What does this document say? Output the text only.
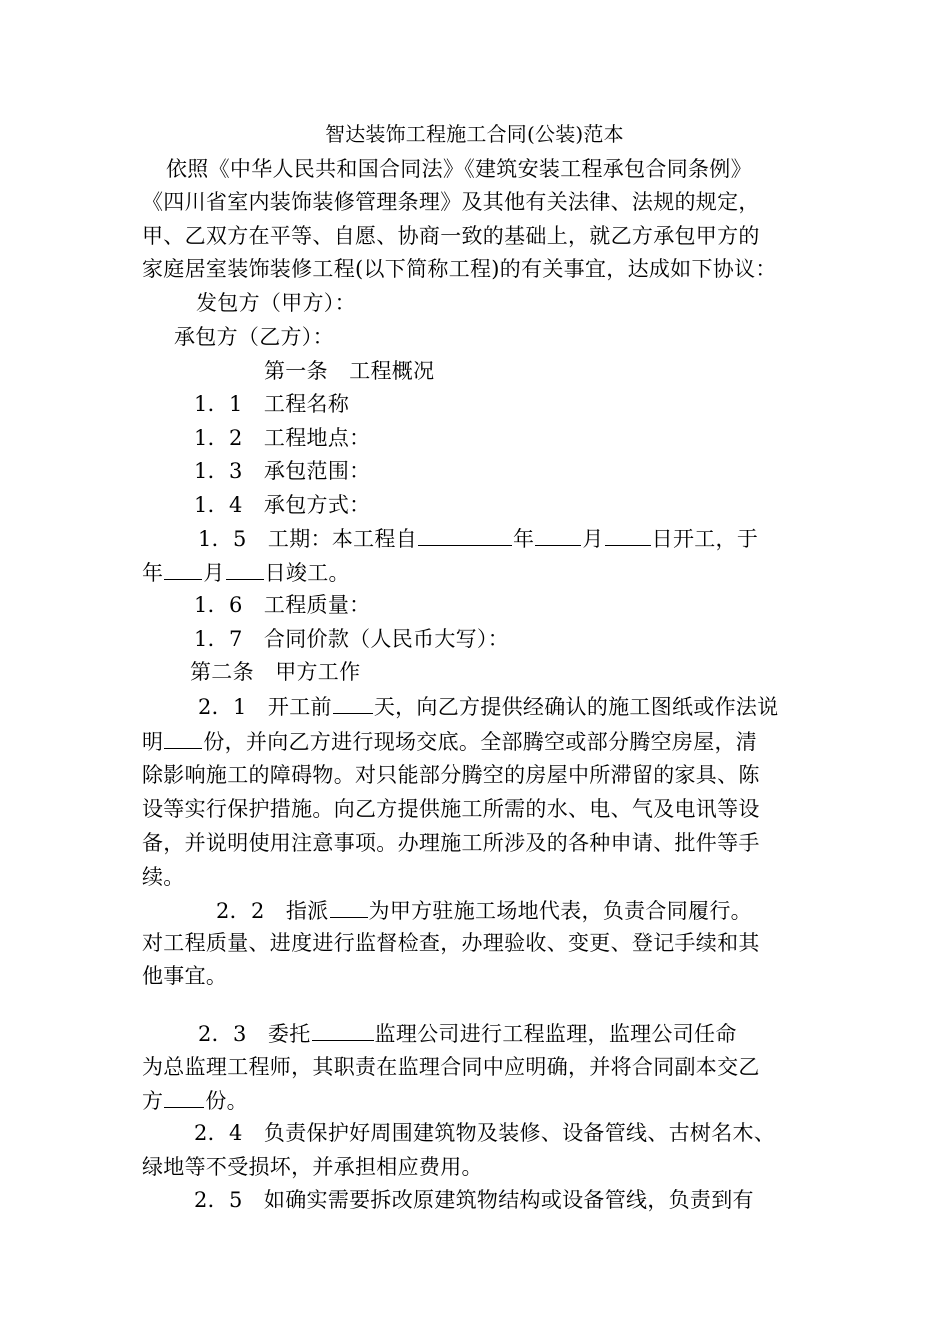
智达装饰工程施工合同(公装)范本
依照《中华人民共和国合同法》《建筑安装工程承包合同条例》
《四川省室内装饰装修管理条理》及其他有关法律、法规的规定，
甲、乙双方在平等、自愿、协商一致的基础上，就乙方承包甲方的
家庭居室装饰装修工程(以下简称工程)的有关事宜，达成如下协议：
发包方（甲方）：
承包方（乙方）：
第一条　工程概况
1．1　工程名称
1．2　工程地点：
1．3　承包范围：
1．4　承包方式：
1．5　工期：本工程自	年 月 日开工，于
年 月 日竣工。
1．6　工程质量：
1．7　合同价款（人民币大写）：
第二条　甲方工作
2．1　开工前 天，向乙方提供经确认的施工图纸或作法说
明 份，并向乙方进行现场交底。全部腾空或部分腾空房屋，清
除影响施工的障碍物。对只能部分腾空的房屋中所滞留的家具、陈
设等实行保护措施。向乙方提供施工所需的水、电、气及电讯等设
备，并说明使用注意事项。办理施工所涉及的各种申请、批件等手
续。
2．2　指派 为甲方驻施工场地代表，负责合同履行。
对工程质量、进度进行监督检查，办理验收、变更、登记手续和其
他事宜。
2．3　委托	监理公司进行工程监理，监理公司任命
为总监理工程师，其职责在监理合同中应明确，并将合同副本交乙
方 份。
2．4　负责保护好周围建筑物及装修、设备管线、古树名木、
绿地等不受损坏，并承担相应费用。
2．5　如确实需要拆改原建筑物结构或设备管线，负责到有
